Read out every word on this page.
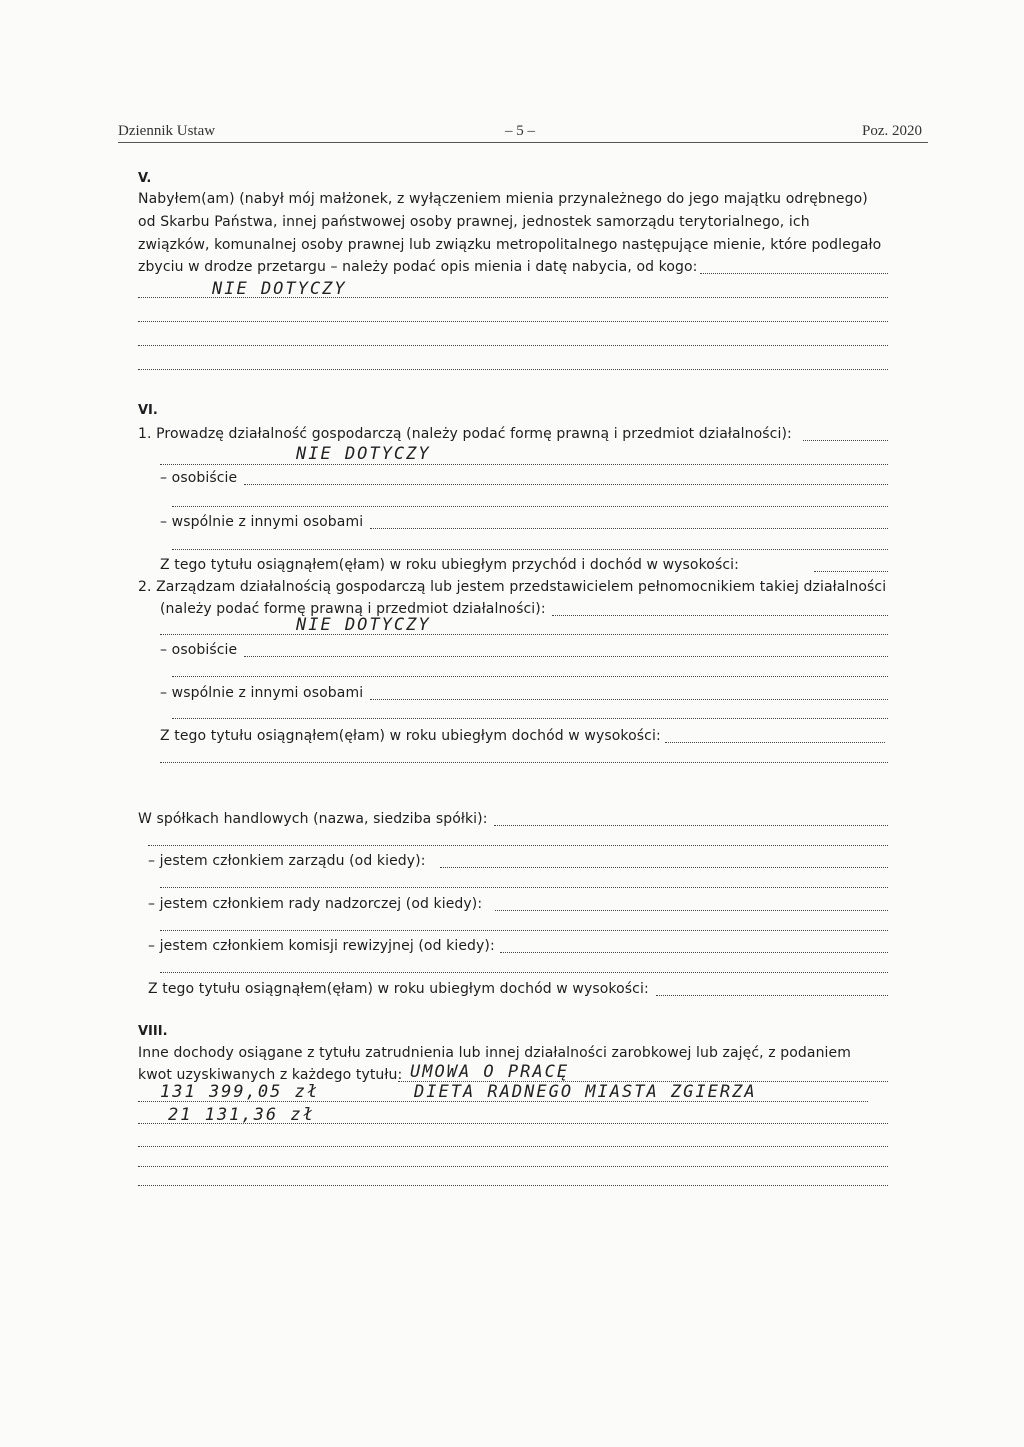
Dziennik Ustaw	– 5 –	Poz. 2020
V.
Nabyłem(am) (nabył mój małżonek, z wyłączeniem mienia przynależnego do jego majątku odrębnego)
od Skarbu Państwa, innej państwowej osoby prawnej, jednostek samorządu terytorialnego, ich
związków, komunalnej osoby prawnej lub związku metropolitalnego następujące mienie, które podlegało
zbyciu w drodze przetargu – należy podać opis mienia i datę nabycia, od kogo:
NIE DOTYCZY
VI.
1. Prowadzę działalność gospodarczą (należy podać formę prawną i przedmiot działalności):
NIE DOTYCZY
– osobiście
– wspólnie z innymi osobami
Z tego tytułu osiągnąłem(ęłam) w roku ubiegłym przychód i dochód w wysokości:
2. Zarządzam działalnością gospodarczą lub jestem przedstawicielem pełnomocnikiem takiej działalności
(należy podać formę prawną i przedmiot działalności):
NIE DOTYCZY
– osobiście
– wspólnie z innymi osobami
Z tego tytułu osiągnąłem(ęłam) w roku ubiegłym dochód w wysokości:
W spółkach handlowych (nazwa, siedziba spółki):
– jestem członkiem zarządu (od kiedy):
– jestem członkiem rady nadzorczej (od kiedy):
– jestem członkiem komisji rewizyjnej (od kiedy):
Z tego tytułu osiągnąłem(ęłam) w roku ubiegłym dochód w wysokości:
VIII.
Inne dochody osiągane z tytułu zatrudnienia lub innej działalności zarobkowej lub zajęć, z podaniem
kwot uzyskiwanych z każdego tytułu: UMOWA O PRACĘ
131 399,05 zł	DIETA RADNEGO MIASTA ZGIERZA
21 131,36 zł
